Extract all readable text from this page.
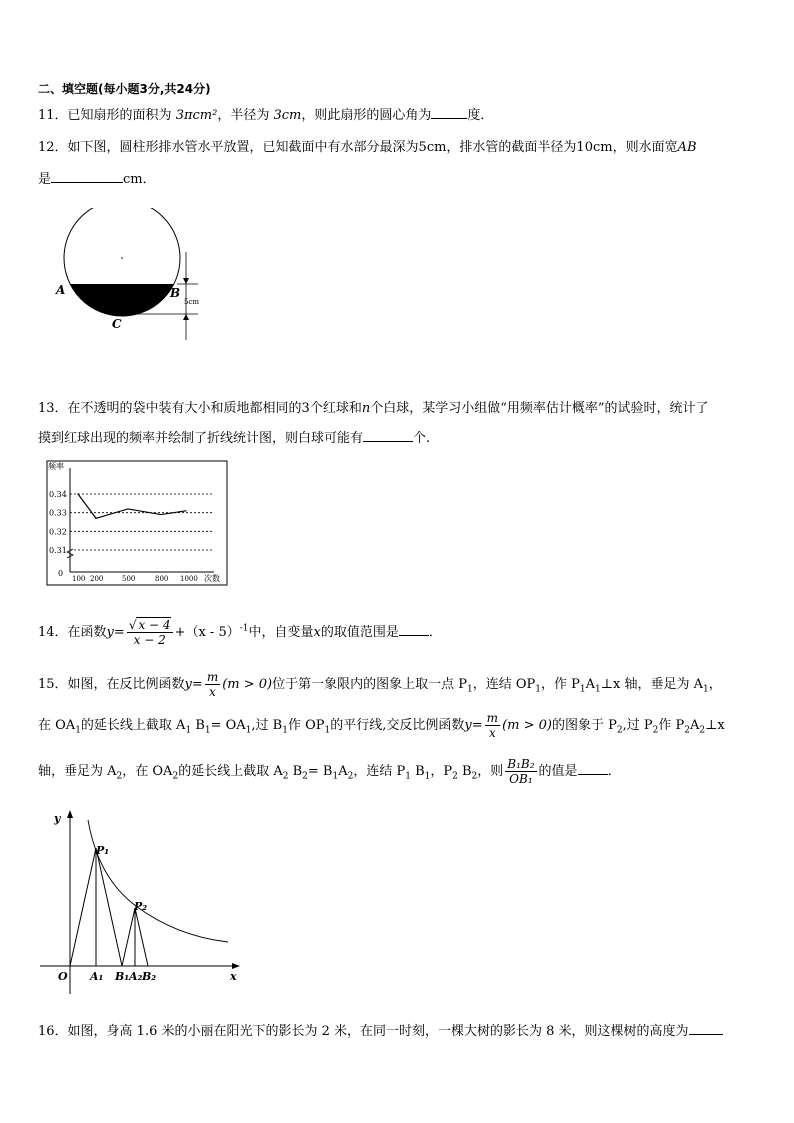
二、填空题(每小题3分,共24分)
11．已知扇形的面积为 3πcm²，半径为 3cm，则此扇形的圆心角为	度．
12．如下图，圆柱形排水管水平放置，已知截面中有水部分最深为5cm，排水管的截面半径为10cm，则水面宽AB
是	cm．
A	B
C
5cm
13．在不透明的袋中装有大小和质地都相同的3个红球和n个白球，某学习小组做“用频率估计概率”的试验时，统计了
摸到红球出现的频率并绘制了折线统计图，则白球可能有	个.
0.34
0.33
0.32
0.31
频率
0
100 200	500	800 1000 次数
14．在函数$y= \frac{√ x - 4}{x - 2} +(x - 5)^{-1}$中，自变量x的取值范围是 ．
15．如图，在反比例函数$y= \frac{m}{x} (m > 0)$位于第一象限内的图象上取一点 $P_1$，连结 $OP_1$，作 $P_1A_1\perp x$ 轴，垂足为 $A_1$，
在 $OA_1$的延长线上截取 $A_1$ $B_1= OA_1$,过 $B_1$作 $OP_1$的平行线,交反比例函数$y= \frac{m}{x} (m > 0)$的图象于 $P_2$,过 $P_2$作 $P_2A_2\perp x$
轴，垂足为 $A_2$，在 $OA_2$的延长线上截取 $A_2$ $B_2= B_1A_2$，连结 $P_1$ $B_1$，$P_2$ $B_2$，则 $\frac{\text{B₁B₂}}{\text{OB₁}}$ 的值是 ．
y
x
O
P₁
P₂
A₁ B₁ A₂ B₂
16．如图，身高 1.6 米的小丽在阳光下的影长为 2 米，在同一时刻，一棵大树的影长为 8 米，则这棵树的高度为
